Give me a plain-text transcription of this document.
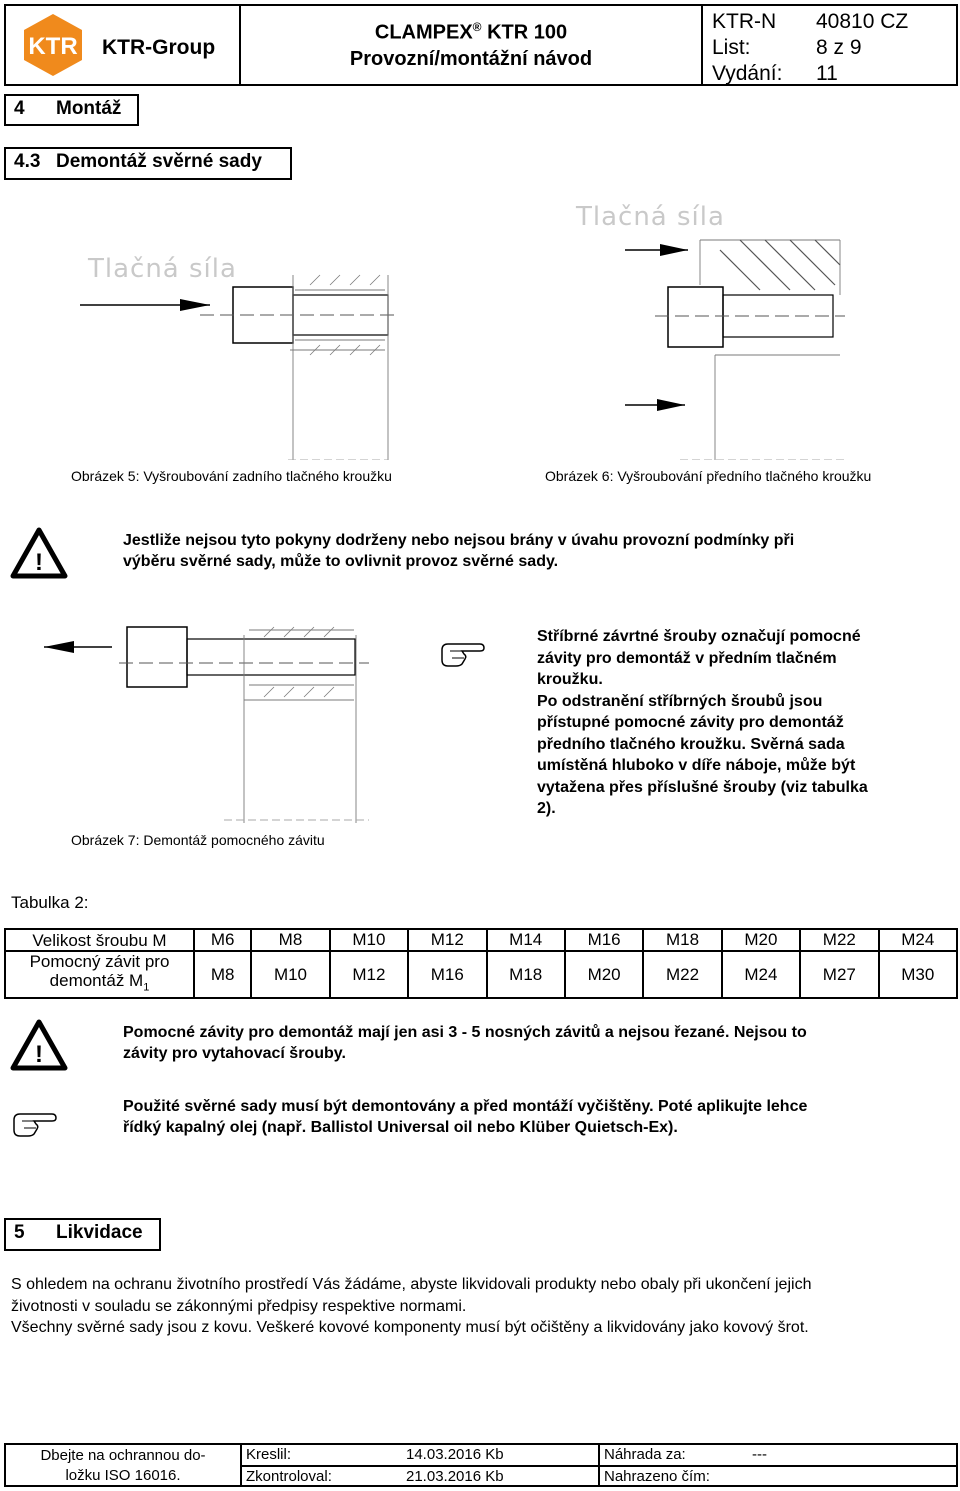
KTR KTR-Group
CLAMPEX® KTR 100
Provozní/montážní návod
KTR-N 40810 CZ
List:	8 z 9
Vydání: 11
4 Montáž
4.3 Demontáž svěrné sady
Tlačná síla
Obrázek 5: Vyšroubování zadního tlačného kroužku
Tlačná síla
Obrázek 6: Vyšroubování předního tlačného kroužku
!
Jestliže nejsou tyto pokyny dodrženy nebo nejsou brány v úvahu provozní podmínky při
výběru svěrné sady, může to ovlivnit provoz svěrné sady.
Obrázek 7: Demontáž pomocného závitu
Stříbrné závrtné šrouby označují pomocné
závity pro demontáž v předním tlačném
kroužku.
Po odstranění stříbrných šroubů jsou
přístupné pomocné závity pro demontáž
předního tlačného kroužku. Svěrná sada
umístěná hluboko v díře náboje, může být
vytažena přes příslušné šrouby (viz tabulka
2).
Tabulka 2:
Velikost šroubu M	M6	M8	M10	M12	M14	M16	M18	M20	M22	M24

Pomocný závit pro
demontáž $M_1$	M8	M10	M12	M16	M18	M20	M22	M24	M27	M30
!
Pomocné závity pro demontáž mají jen asi 3 - 5 nosných závitů a nejsou řezané. Nejsou to
závity pro vytahovací šrouby.
Použité svěrné sady musí být demontovány a před montáží vyčištěny. Poté aplikujte lehce
řídký kapalný olej (např. Ballistol Universal oil nebo Klüber Quietsch-Ex).
5 Likvidace
S ohledem na ochranu životního prostředí Vás žádáme, abyste likvidovali produkty nebo obaly při ukončení jejich
životnosti v souladu se zákonnými předpisy respektive normami.
Všechny svěrné sady jsou z kovu. Veškeré kovové komponenty musí být očištěny a likvidovány jako kovový šrot.
Dbejte na ochrannou do-
ložku ISO 16016.
Kreslil:	14.03.2016 Kb
Zkontroloval:	21.03.2016 Kb
Náhrada za:	---
Nahrazeno čím:
